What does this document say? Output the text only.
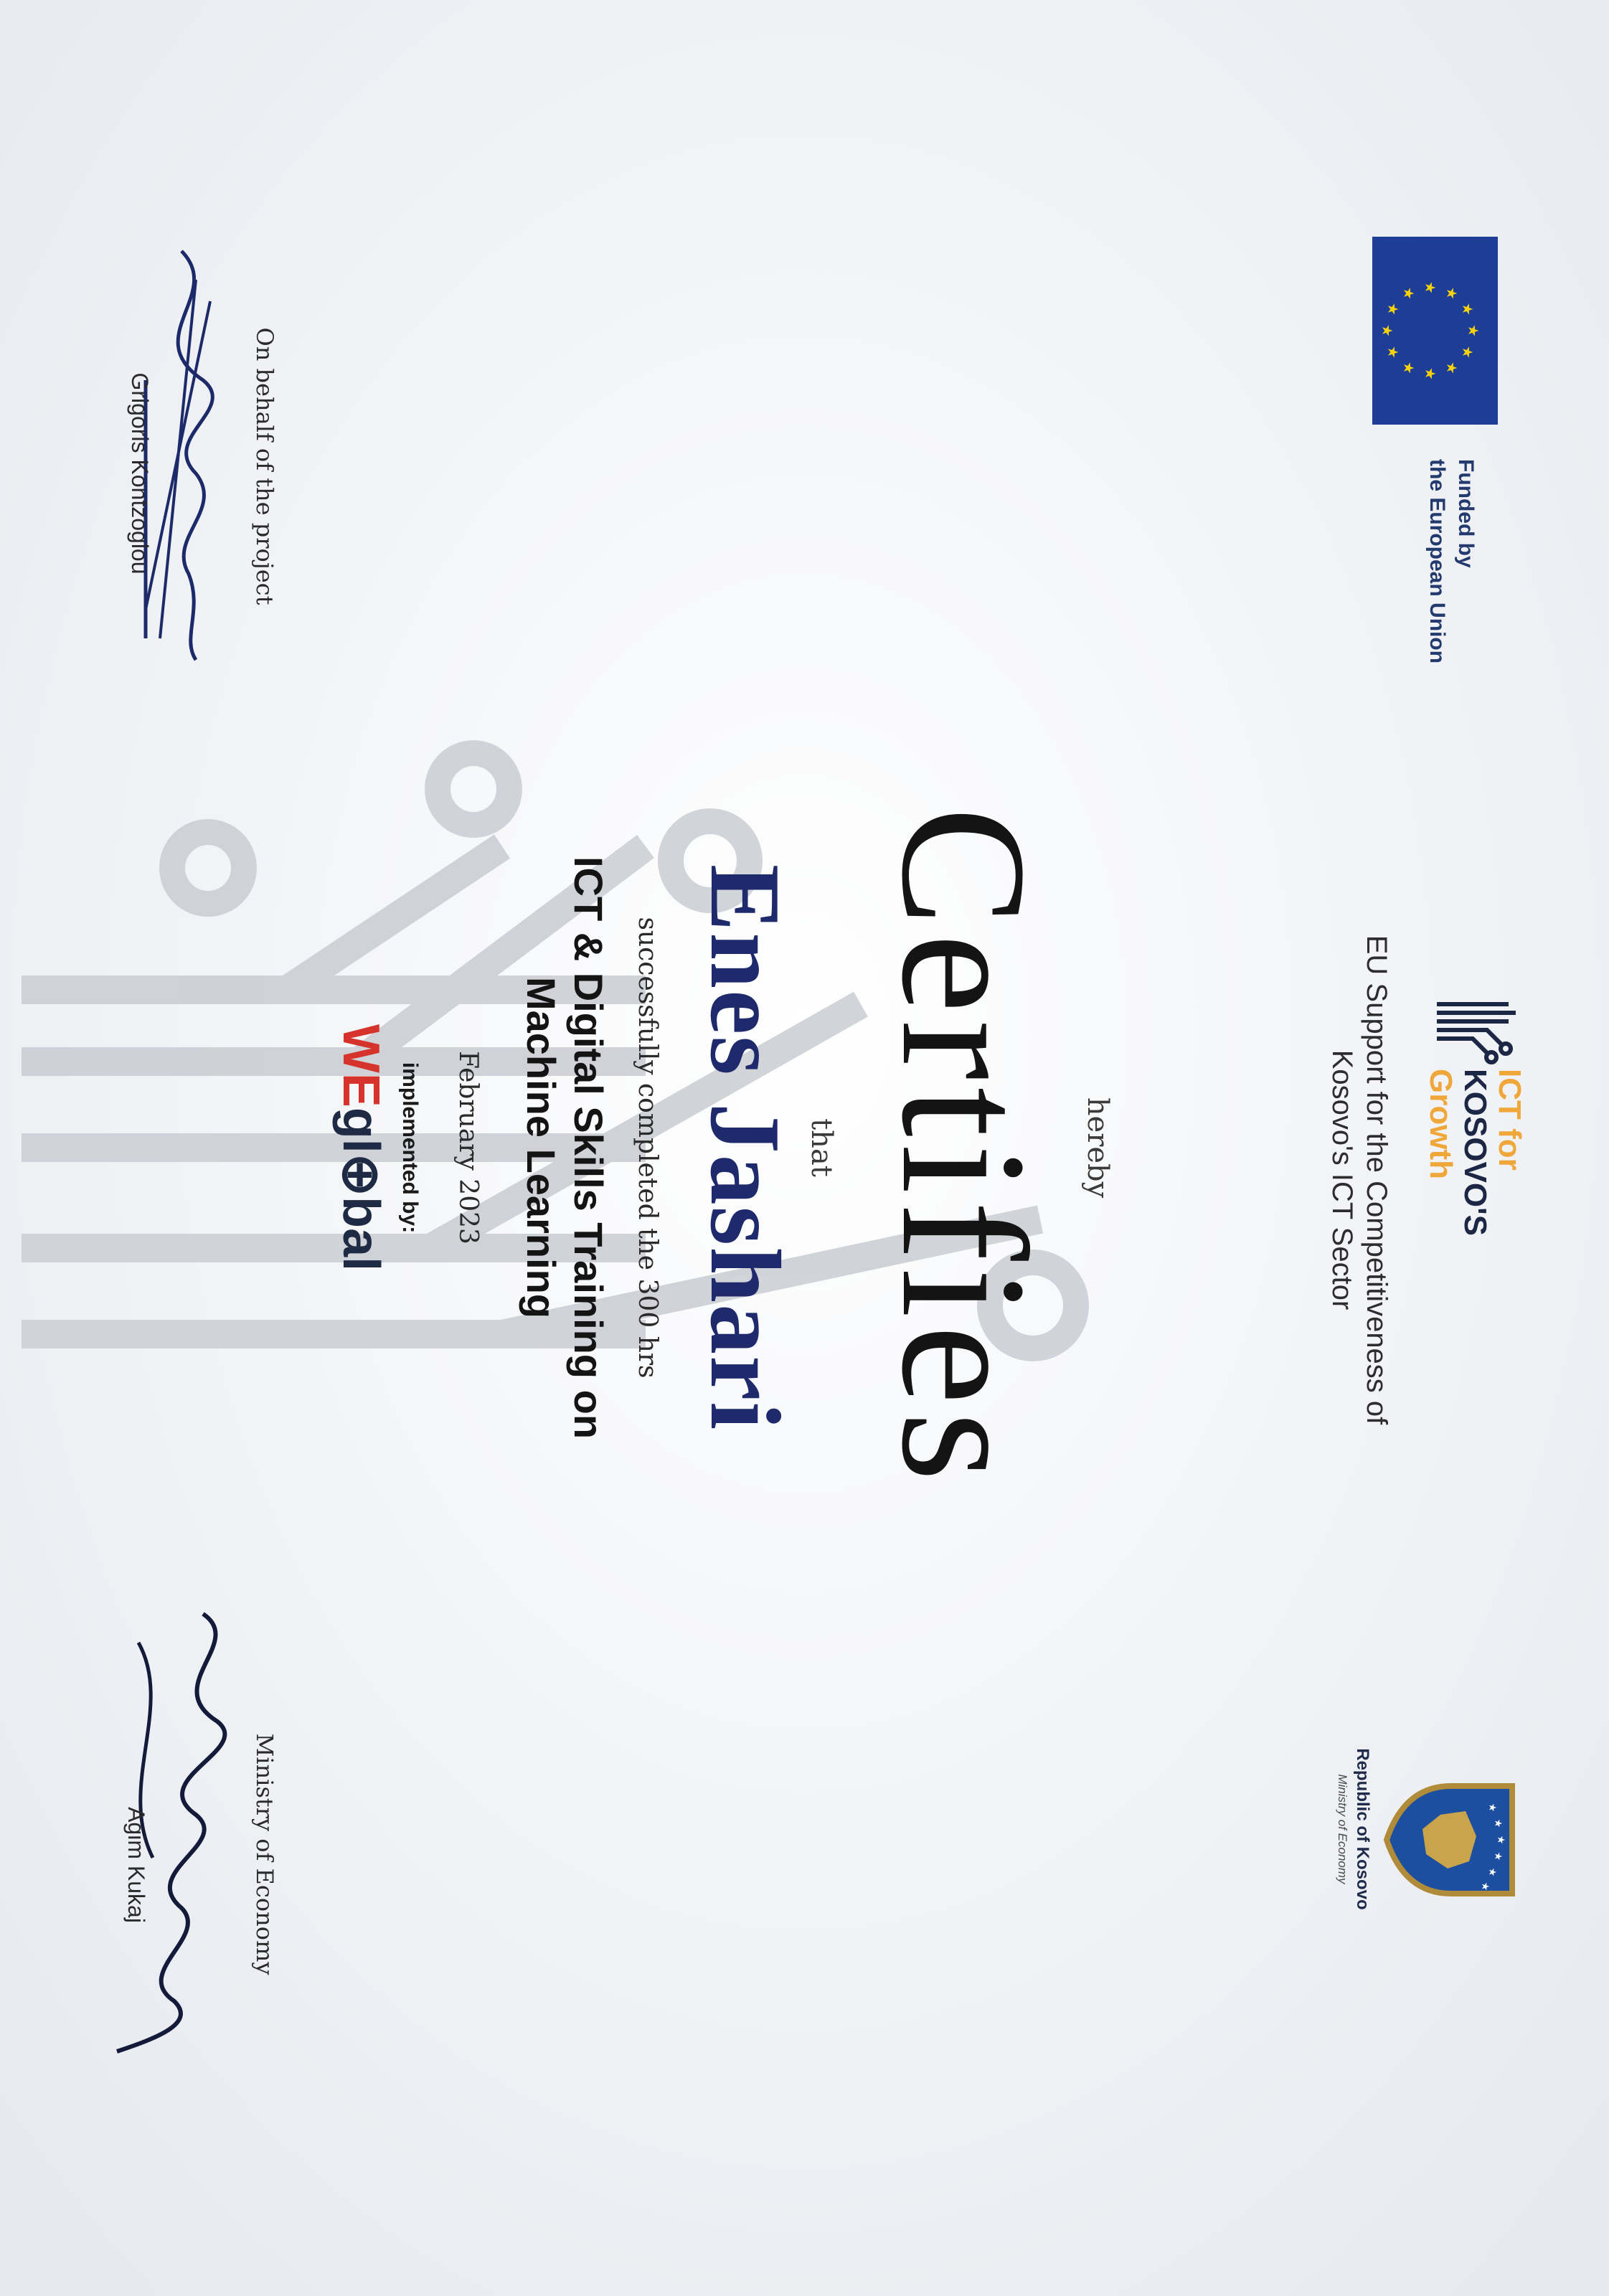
★
★
★
★
★
★
★
★
★ ★ ★
★
Funded by
the European Union
ICT for
KOSOVO'S
Growth
EU Support for the Competitiveness of
Kosovo's ICT Sector
★
★
★
★
★
★
Republic of Kosovo
Ministry of Economy
hereby
Certifies
that
Enes Jashari
successfully completed the 300 hrs
ICT & Digital Skills Training on
Machine Learning
February 2023
implemented by:
WEgl⊕bal
On behalf of the project
Grigoris Kontzoglou
Ministry of Economy
Agim Kukaj
